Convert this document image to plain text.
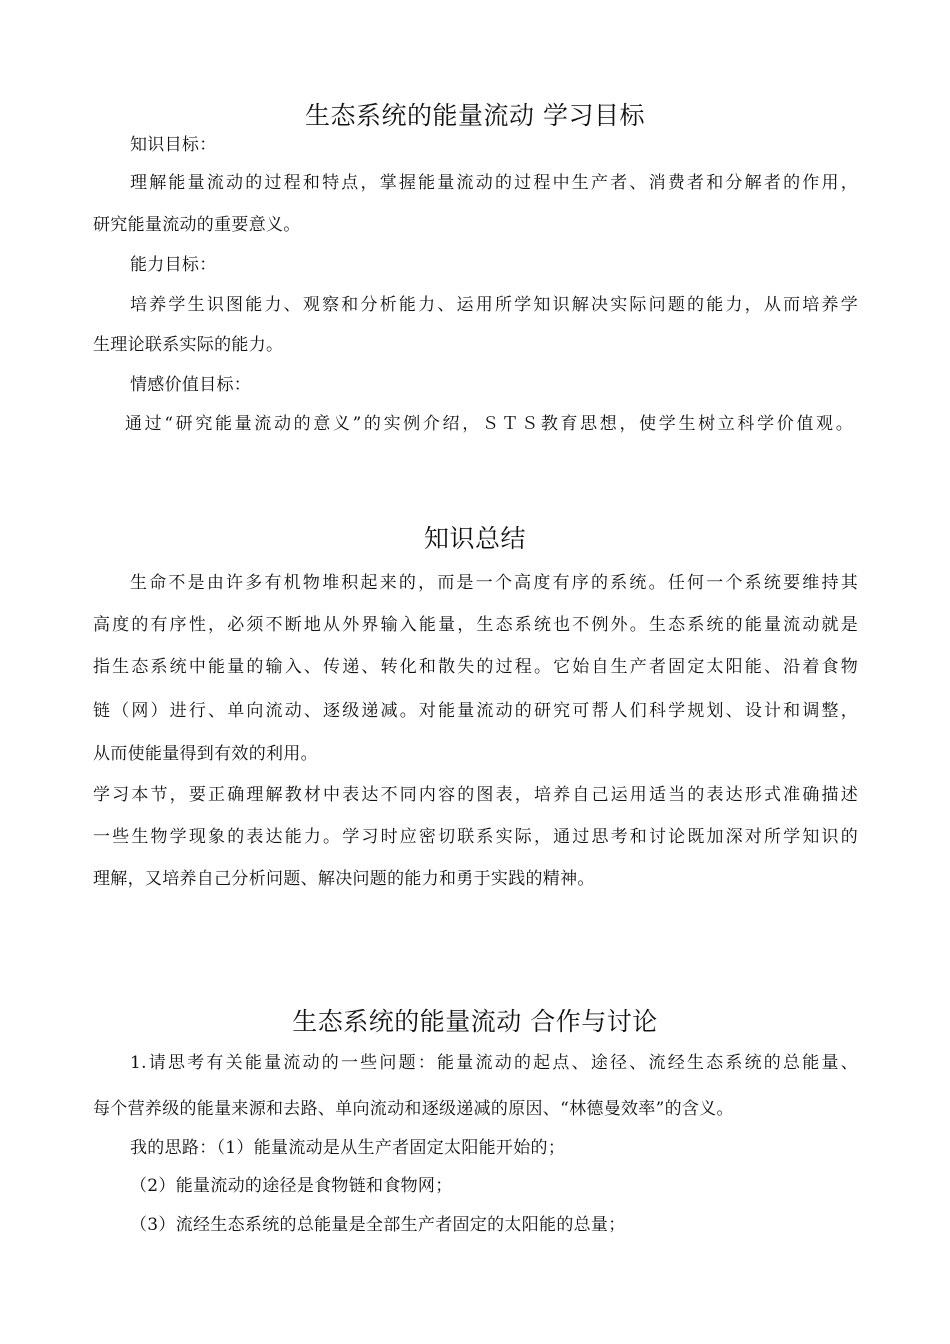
生态系统的能量流动 学习目标
知识目标：
理解能量流动的过程和特点，掌握能量流动的过程中生产者、消费者和分解者的作用，
研究能量流动的重要意义。
能力目标：
培养学生识图能力、观察和分析能力、运用所学知识解决实际问题的能力，从而培养学
生理论联系实际的能力。
情感价值目标：
通过“研究能量流动的意义”的实例介绍，ＳＴＳ教育思想，使学生树立科学价值观。
知识总结
生命不是由许多有机物堆积起来的，而是一个高度有序的系统。任何一个系统要维持其
高度的有序性，必须不断地从外界输入能量，生态系统也不例外。生态系统的能量流动就是
指生态系统中能量的输入、传递、转化和散失的过程。它始自生产者固定太阳能、沿着食物
链（网）进行、单向流动、逐级递减。对能量流动的研究可帮人们科学规划、设计和调整，
从而使能量得到有效的利用。
学习本节，要正确理解教材中表达不同内容的图表，培养自己运用适当的表达形式准确描述
一些生物学现象的表达能力。学习时应密切联系实际，通过思考和讨论既加深对所学知识的
理解，又培养自己分析问题、解决问题的能力和勇于实践的精神。
生态系统的能量流动 合作与讨论
1.请思考有关能量流动的一些问题：能量流动的起点、途径、流经生态系统的总能量、
每个营养级的能量来源和去路、单向流动和逐级递减的原因、“林德曼效率”的含义。
我的思路：（1）能量流动是从生产者固定太阳能开始的；
（2）能量流动的途径是食物链和食物网；
（3）流经生态系统的总能量是全部生产者固定的太阳能的总量；
